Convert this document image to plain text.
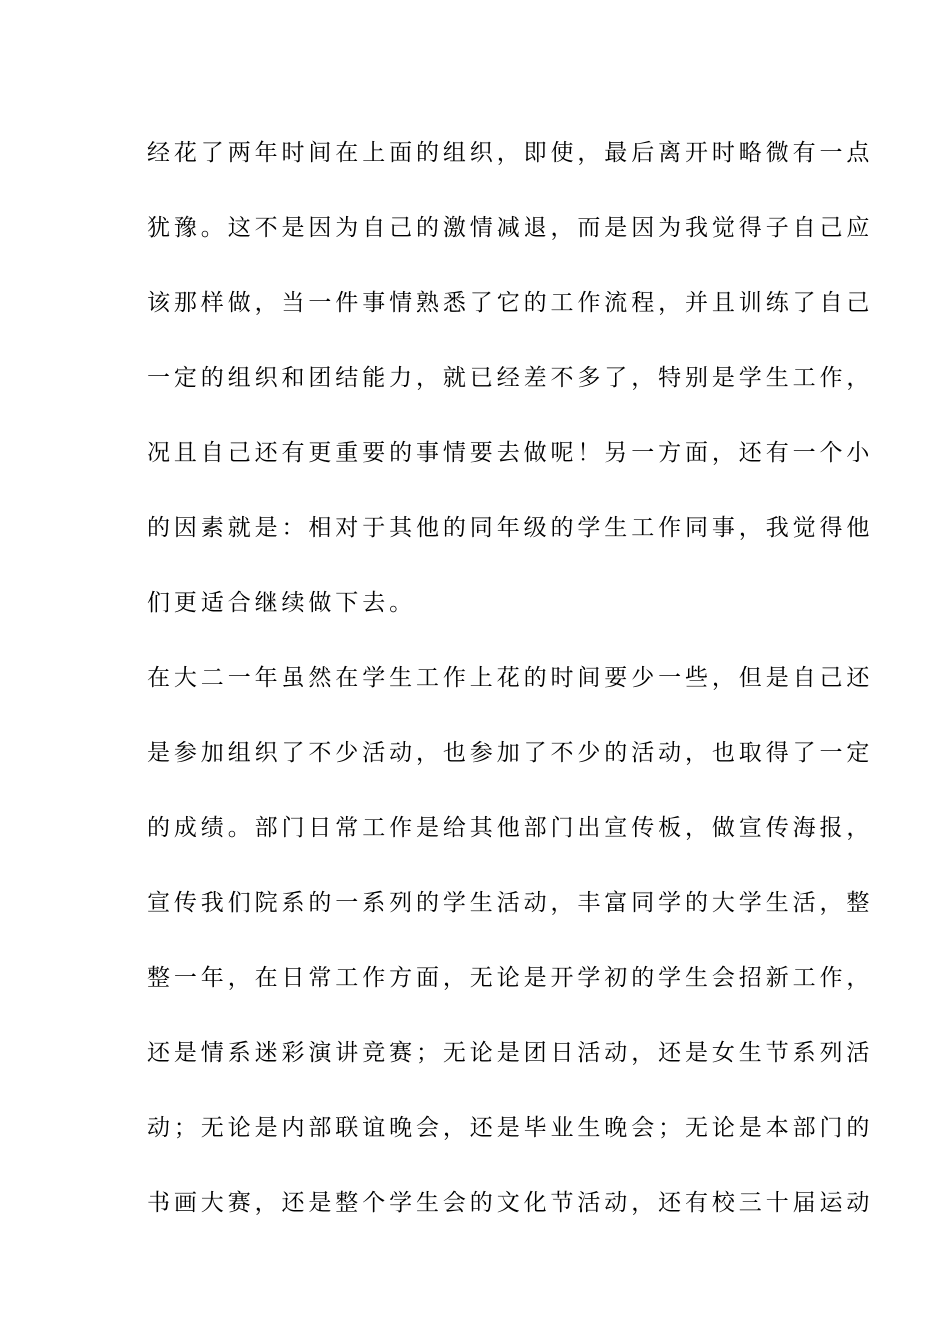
经花了两年时间在上面的组织，即使，最后离开时略微有一点
犹豫。这不是因为自己的激情减退，而是因为我觉得子自己应
该那样做，当一件事情熟悉了它的工作流程，并且训练了自己
一定的组织和团结能力，就已经差不多了，特别是学生工作，
况且自己还有更重要的事情要去做呢！另一方面，还有一个小
的因素就是：相对于其他的同年级的学生工作同事，我觉得他
们更适合继续做下去。
在大二一年虽然在学生工作上花的时间要少一些，但是自己还
是参加组织了不少活动，也参加了不少的活动，也取得了一定
的成绩。部门日常工作是给其他部门出宣传板，做宣传海报，
宣传我们院系的一系列的学生活动，丰富同学的大学生活，整
整一年，在日常工作方面，无论是开学初的学生会招新工作，
还是情系迷彩演讲竞赛；无论是团日活动，还是女生节系列活
动；无论是内部联谊晚会，还是毕业生晚会；无论是本部门的
书画大赛，还是整个学生会的文化节活动，还有校三十届运动
